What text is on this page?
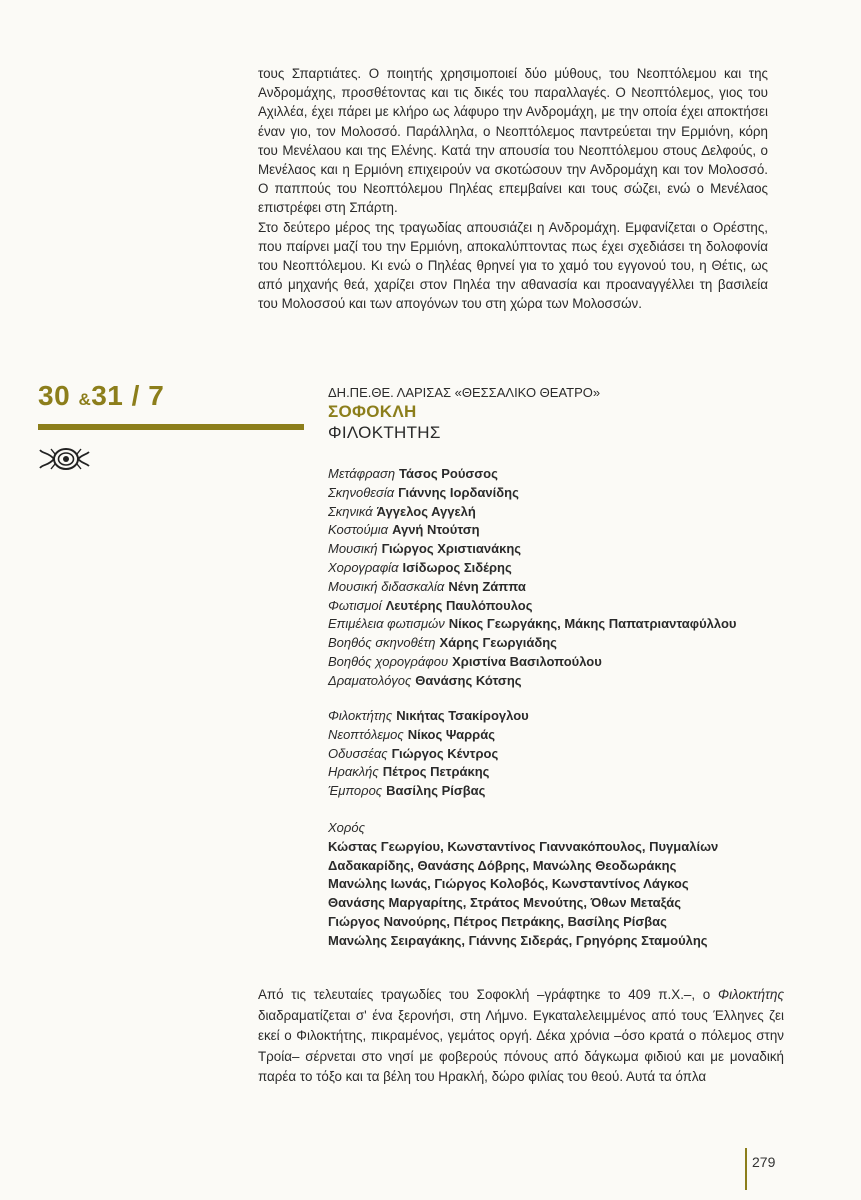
τους Σπαρτιάτες. Ο ποιητής χρησιμοποιεί δύο μύθους, του Νεοπτόλεμου και της Ανδρομάχης, προσθέτοντας και τις δικές του παραλλαγές. Ο Νεοπτόλεμος, γιος του Αχιλλέα, έχει πάρει με κλήρο ως λάφυρο την Ανδρομάχη, με την οποία έχει αποκτήσει έναν γιο, τον Μολοσσό. Παράλληλα, ο Νεοπτόλεμος παντρεύεται την Ερμιόνη, κόρη του Μενέλαου και της Ελένης. Κατά την απουσία του Νεοπτόλεμου στους Δελφούς, ο Μενέλαος και η Ερμιόνη επιχειρούν να σκοτώσουν την Ανδρομάχη και τον Μολοσσό. Ο παππούς του Νεοπτόλεμου Πηλέας επεμβαίνει και τους σώζει, ενώ ο Μενέλαος επιστρέφει στη Σπάρτη.

Στο δεύτερο μέρος της τραγωδίας απουσιάζει η Ανδρομάχη. Εμφανίζεται ο Ορέστης, που παίρνει μαζί του την Ερμιόνη, αποκαλύπτοντας πως έχει σχεδιάσει τη δολοφονία του Νεοπτόλεμου. Κι ενώ ο Πηλέας θρηνεί για το χαμό του εγγονού του, η Θέτις, ως από μηχανής θεά, χαρίζει στον Πηλέα την αθανασία και προαναγγέλλει τη βασιλεία του Μολοσσού και των απογόνων του στη χώρα των Μολοσσών.

30 &31 / 7	ΔΗ.ΠΕ.ΘΕ. ΛΑΡΙΣΑΣ «ΘΕΣΣΑΛΙΚΟ ΘΕΑΤΡΟ»
ΣΟΦΟΚΛΗ
ΦΙΛΟΚΤΗΤΗΣ
Μετάφραση Τάσος Ρούσσος
Σκηνοθεσία Γιάννης Ιορδανίδης
Σκηνικά Άγγελος Αγγελή
Κοστούμια Αγνή Ντούτση
Μουσική Γιώργος Χριστιανάκης
Χορογραφία Ισίδωρος Σιδέρης
Μουσική διδασκαλία Νένη Ζάππα
Φωτισμοί Λευτέρης Παυλόπουλος
Επιμέλεια φωτισμών Νίκος Γεωργάκης, Μάκης Παπατριανταφύλλου
Βοηθός σκηνοθέτη Χάρης Γεωργιάδης
Βοηθός χορογράφου Χριστίνα Βασιλοπούλου
Δραματολόγος Θανάσης Κότσης
Φιλοκτήτης Νικήτας Τσακίρογλου
Νεοπτόλεμος Νίκος Ψαρράς
Οδυσσέας Γιώργος Κέντρος
Ηρακλής Πέτρος Πετράκης
Έμπορος Βασίλης Ρίσβας
Χορός
Κώστας Γεωργίου, Κωνσταντίνος Γιαννακόπουλος, Πυγμαλίων
Δαδακαρίδης, Θανάσης Δόβρης, Μανώλης Θεοδωράκης
Μανώλης Ιωνάς, Γιώργος Κολοβός, Κωνσταντίνος Λάγκος
Θανάσης Μαργαρίτης, Στράτος Μενούτης, Όθων Μεταξάς
Γιώργος Νανούρης, Πέτρος Πετράκης, Βασίλης Ρίσβας
Μανώλης Σειραγάκης, Γιάννης Σιδεράς, Γρηγόρης Σταμούλης

Από τις τελευταίες τραγωδίες του Σοφοκλή –γράφτηκε το 409 π.Χ.–, ο Φιλοκτήτης διαδραματίζεται σ' ένα ξερονήσι, στη Λήμνο. Εγκαταλελειμμένος από τους Έλληνες ζει εκεί ο Φιλοκτήτης, πικραμένος, γεμάτος οργή. Δέκα χρόνια –όσο κρατά ο πόλεμος στην Τροία– σέρνεται στο νησί με φοβερούς πόνους από δάγκωμα φιδιού και με μοναδική παρέα το τόξο και τα βέλη του Ηρακλή, δώρο φιλίας του θεού. Αυτά τα όπλα

279
